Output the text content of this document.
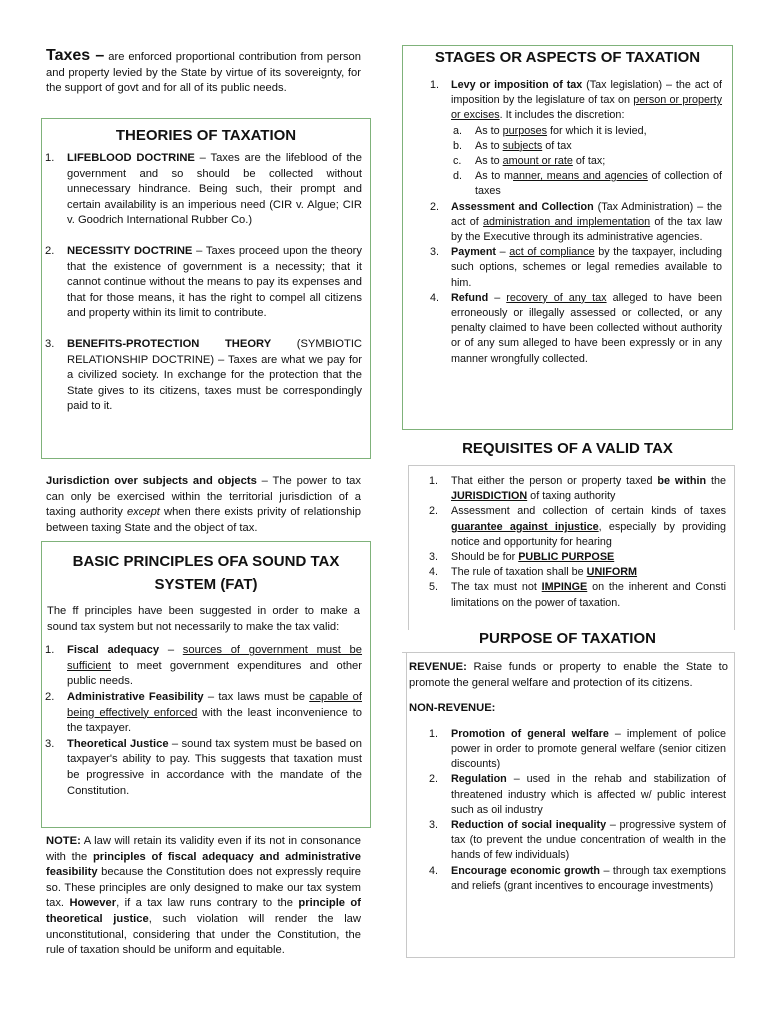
Taxes – are enforced proportional contribution from person and property levied by the State by virtue of its sovereignty, for the support of govt and for all of its public needs.
THEORIES OF TAXATION
1. LIFEBLOOD DOCTRINE – Taxes are the lifeblood of the government and so should be collected without unnecessary hindrance. Being such, their prompt and certain availability is an imperious need (CIR v. Algue; CIR v. Goodrich International Rubber Co.)
2. NECESSITY DOCTRINE – Taxes proceed upon the theory that the existence of government is a necessity; that it cannot continue without the means to pay its expenses and that for those means, it has the right to compel all citizens and property within its limit to contribute.
3. BENEFITS-PROTECTION THEORY (SYMBIOTIC RELATIONSHIP DOCTRINE) – Taxes are what we pay for a civilized society. In exchange for the protection that the State gives to its citizens, taxes must be correspondingly paid to it.
Jurisdiction over subjects and objects – The power to tax can only be exercised within the territorial jurisdiction of a taxing authority except when there exists privity of relationship between taxing State and the object of tax.
BASIC PRINCIPLES OFA SOUND TAX SYSTEM (FAT)

The ff principles have been suggested in order to make a sound tax system but not necessarily to make the tax valid:

1. Fiscal adequacy – sources of government must be sufficient to meet government expenditures and other public needs.
2. Administrative Feasibility – tax laws must be capable of being effectively enforced with the least inconvenience to the taxpayer.
3. Theoretical Justice – sound tax system must be based on taxpayer's ability to pay. This suggests that taxation must be progressive in accordance with the mandate of the Constitution.
NOTE: A law will retain its validity even if its not in consonance with the principles of fiscal adequacy and administrative feasibility because the Constitution does not expressly require so. These principles are only designed to make our tax system tax. However, if a tax law runs contrary to the principle of theoretical justice, such violation will render the law unconstitutional, considering that under the Constitution, the rule of taxation should be uniform and equitable.
STAGES OR ASPECTS OF TAXATION
1. Levy or imposition of tax (Tax legislation) – the act of imposition by the legislature of tax on person or property or excises. It includes the discretion:
a. As to purposes for which it is levied,
b. As to subjects of tax
c. As to amount or rate of tax;
d. As to manner, means and agencies of collection of taxes
2. Assessment and Collection (Tax Administration) – the act of administration and implementation of the tax law by the Executive through its administrative agencies.
3. Payment – act of compliance by the taxpayer, including such options, schemes or legal remedies available to him.
4. Refund – recovery of any tax alleged to have been erroneously or illegally assessed or collected, or any penalty claimed to have been collected without authority or of any sum alleged to have been expressly or in any manner wrongfully collected.
REQUISITES OF A VALID TAX
1. That either the person or property taxed be within the JURISDICTION of taxing authority
2. Assessment and collection of certain kinds of taxes guarantee against injustice, especially by providing notice and opportunity for hearing
3. Should be for PUBLIC PURPOSE
4. The rule of taxation shall be UNIFORM
5. The tax must not IMPINGE on the inherent and Consti limitations on the power of taxation.
PURPOSE OF TAXATION

REVENUE: Raise funds or property to enable the State to promote the general welfare and protection of its citizens.

NON-REVENUE:

1. Promotion of general welfare – implement of police power in order to promote general welfare (senior citizen discounts)
2. Regulation – used in the rehab and stabilization of threatened industry which is affected w/ public interest such as oil industry
3. Reduction of social inequality – progressive system of tax (to prevent the undue concentration of wealth in the hands of few individuals)
4. Encourage economic growth – through tax exemptions and reliefs (grant incentives to encourage investments)
